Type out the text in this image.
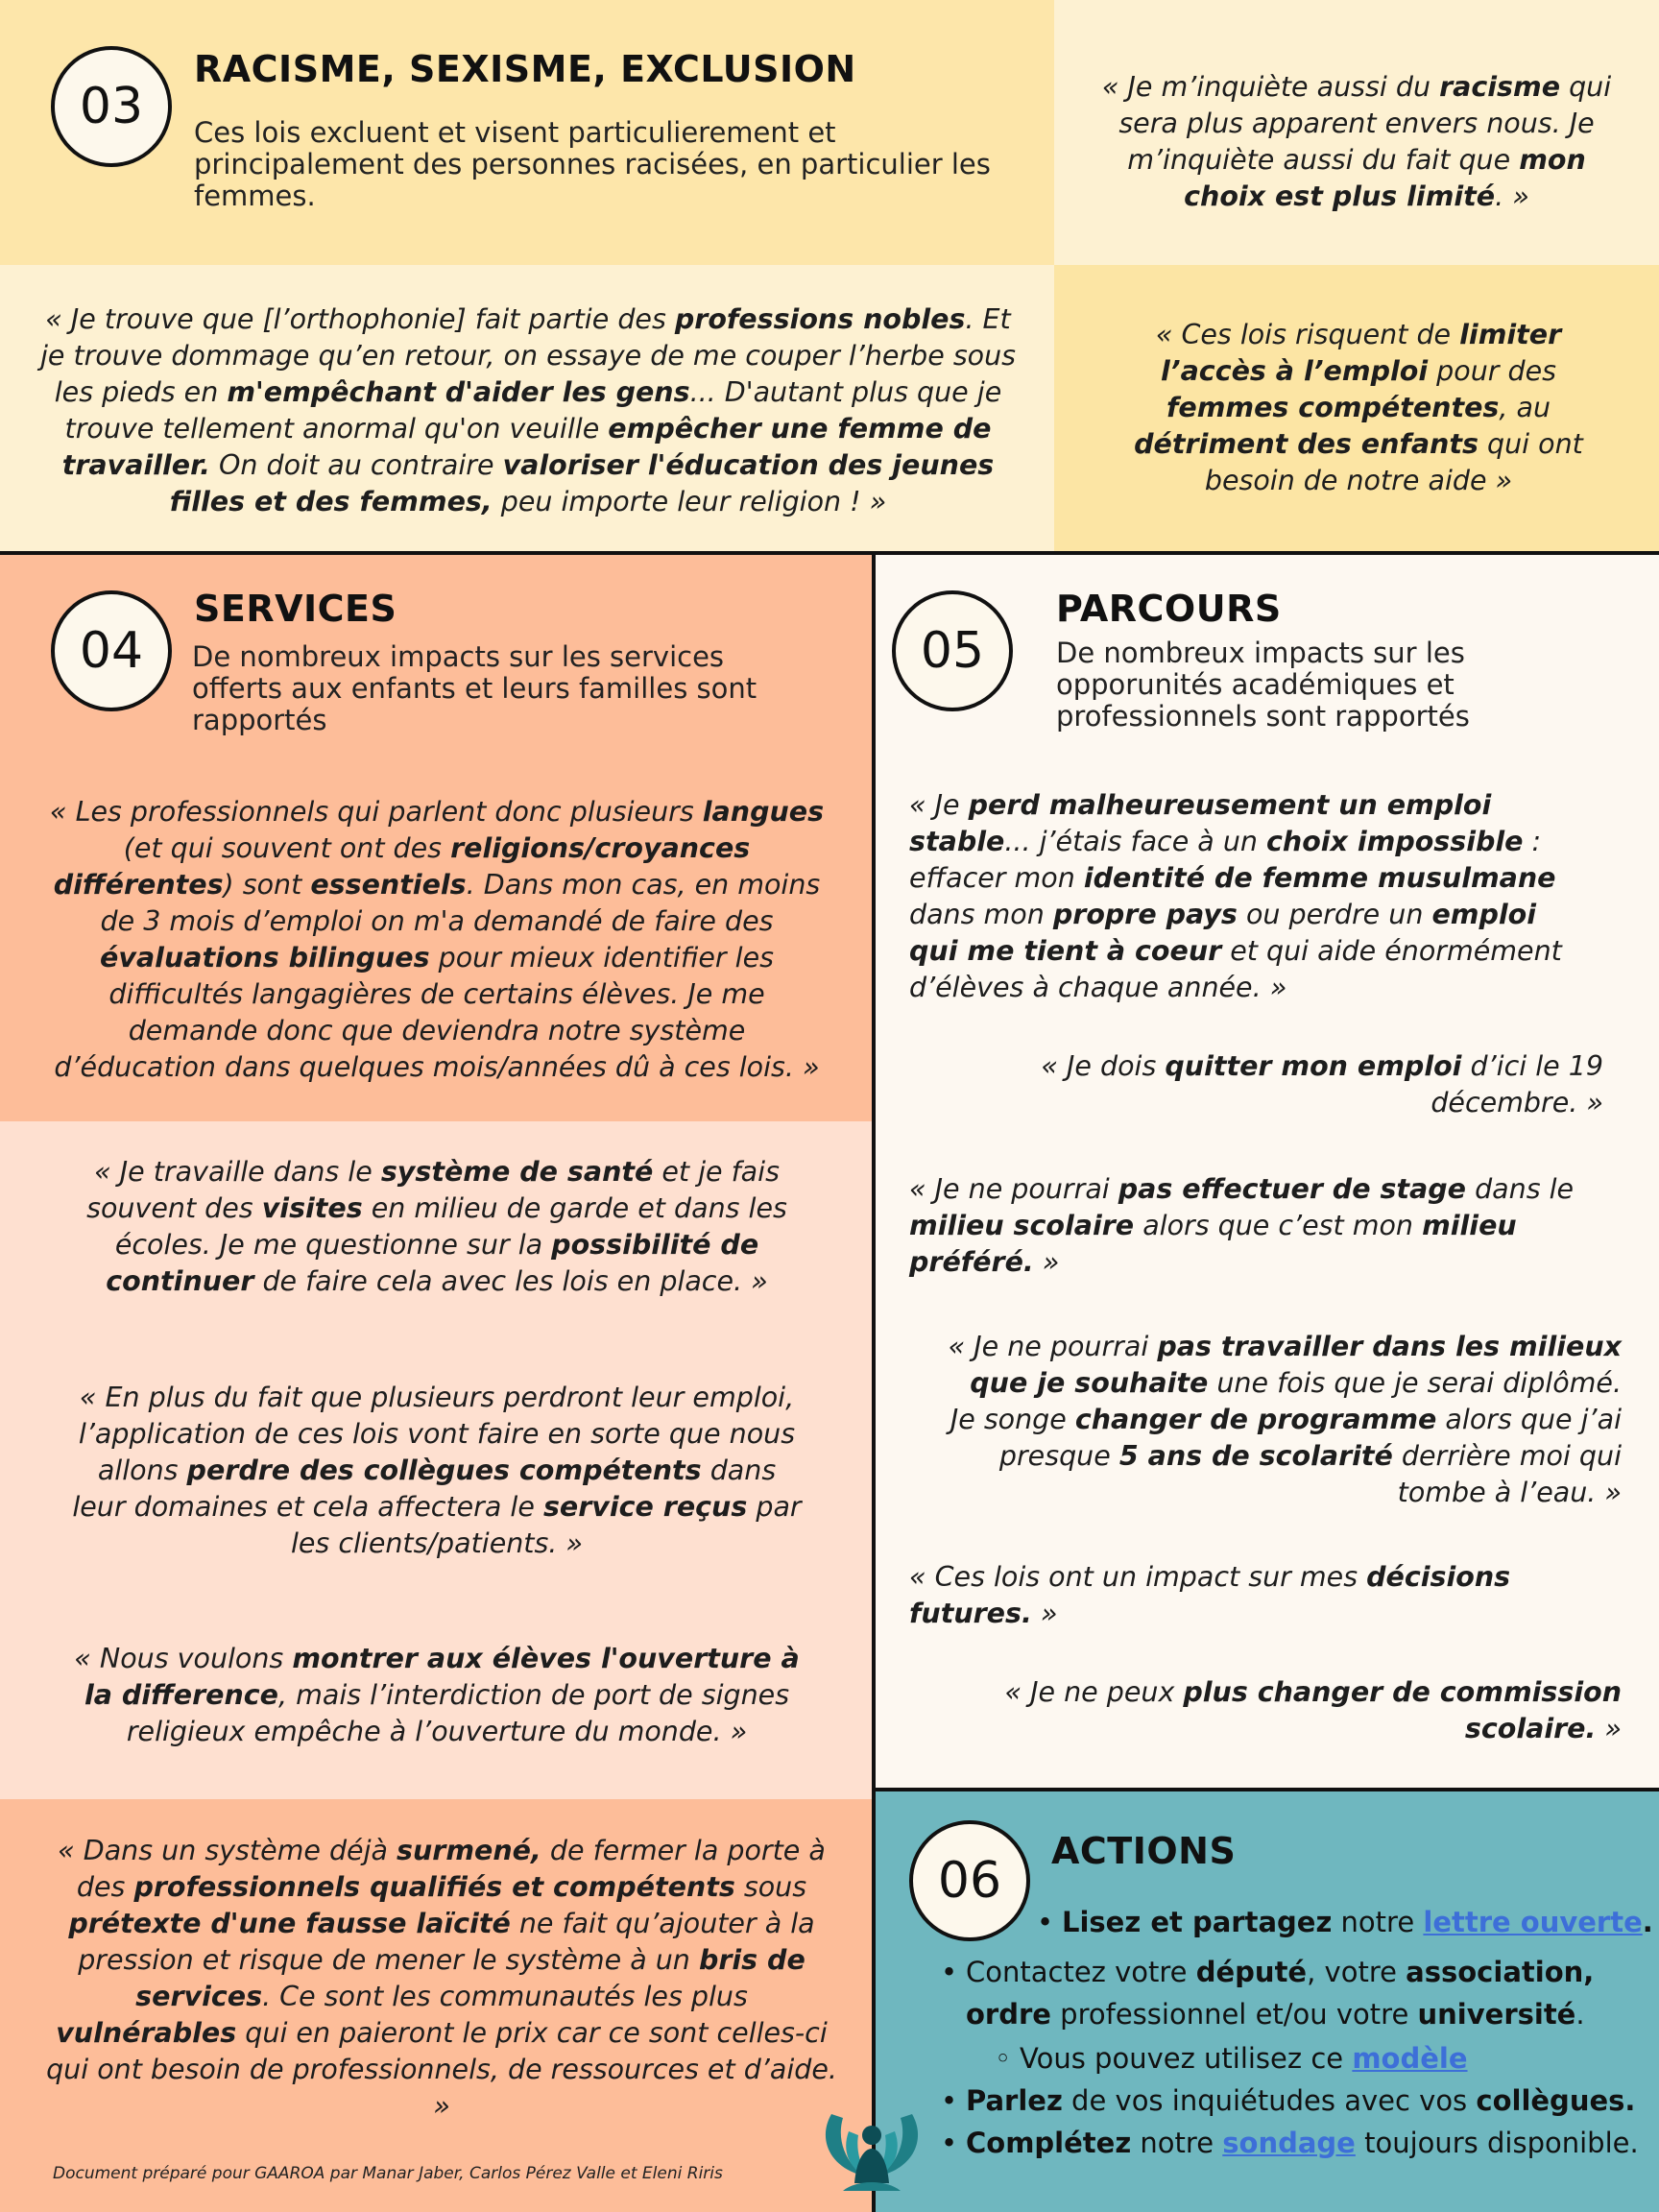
03
RACISME, SEXISME, EXCLUSION
Ces lois excluent et visent particulierement et principalement des personnes racisées, en particulier les femmes.
« Je m’inquiète aussi du racisme qui sera plus apparent envers nous. Je m’inquiète aussi du fait que mon choix est plus limité. »
« Je trouve que [l’orthophonie] fait partie des professions nobles. Et je trouve dommage qu’en retour, on essaye de me couper l’herbe sous les pieds en m'empêchant d'aider les gens... D'autant plus que je trouve tellement anormal qu'on veuille empêcher une femme de travailler. On doit au contraire valoriser l'éducation des jeunes filles et des femmes, peu importe leur religion ! »
« Ces lois risquent de limiter l’accès à l’emploi pour des femmes compétentes, au détriment des enfants qui ont besoin de notre aide »
04
SERVICES
De nombreux impacts sur les services offerts aux enfants et leurs familles sont rapportés
« Les professionnels qui parlent donc plusieurs langues (et qui souvent ont des religions/croyances différentes) sont essentiels. Dans mon cas, en moins de 3 mois d’emploi on m'a demandé de faire des évaluations bilingues pour mieux identifier les difficultés langagières de certains élèves. Je me demande donc que deviendra notre système d’éducation dans quelques mois/années dû à ces lois. »
« Je travaille dans le système de santé et je fais souvent des visites en milieu de garde et dans les écoles. Je me questionne sur la possibilité de continuer de faire cela avec les lois en place. »
« En plus du fait que plusieurs perdront leur emploi, l’application de ces lois vont faire en sorte que nous allons perdre des collègues compétents dans leur domaines et cela affectera le service reçus par les clients/patients. »
« Nous voulons montrer aux élèves l'ouverture à la difference, mais l’interdiction de port de signes religieux empêche à l’ouverture du monde. »
« Dans un système déjà surmené, de fermer la porte à des professionnels qualifiés et compétents sous prétexte d'une fausse laïcité ne fait qu’ajouter à la pression et risque de mener le système à un bris de services. Ce sont les communautés les plus vulnérables qui en paieront le prix car ce sont celles-ci qui ont besoin de professionnels, de ressources et d’aide. »
Document préparé pour GAAROA par Manar Jaber, Carlos Pérez Valle et Eleni Riris
05
PARCOURS
De nombreux impacts sur les opporunités académiques et professionnels sont rapportés
« Je perd malheureusement un emploi stable... j’étais face à un choix impossible : effacer mon identité de femme musulmane dans mon propre pays ou perdre un emploi qui me tient à coeur et qui aide énormément d’élèves à chaque année. »
« Je dois quitter mon emploi d’ici le 19 décembre. »
« Je ne pourrai pas effectuer de stage dans le milieu scolaire alors que c’est mon milieu préféré. »
« Je ne pourrai pas travailler dans les milieux que je souhaite une fois que je serai diplômé. Je songe changer de programme alors que j’ai presque 5 ans de scolarité derrière moi qui tombe à l’eau. »
« Ces lois ont un impact sur mes décisions futures. »
« Je ne peux plus changer de commission scolaire. »
06
ACTIONS
• Lisez et partagez notre lettre ouverte.
• Contactez votre député, votre association,
ordre professionnel et/ou votre université.
◦ Vous pouvez utilisez ce modèle
• Parlez de vos inquiétudes avec vos collègues.
• Complétez notre sondage toujours disponible.
